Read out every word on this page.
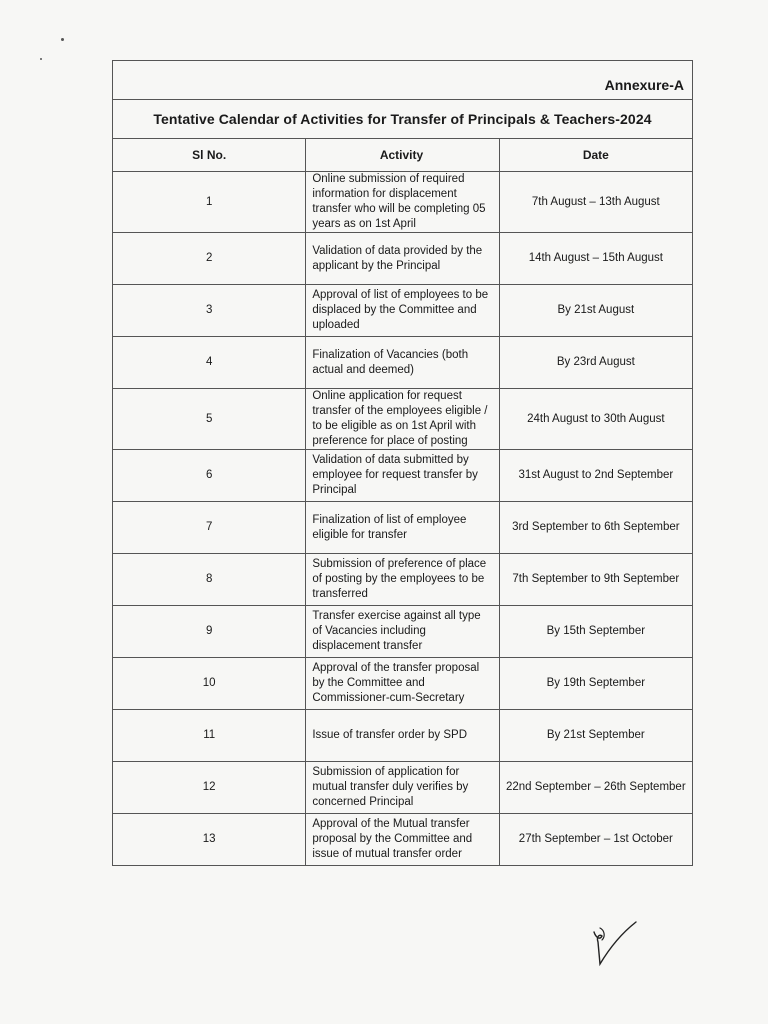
Annexure-A		
Tentative Calendar of Activities for Transfer of Principals & Teachers-2024		
Sl No.	Activity	Date
1	Online submission of required information for displacement transfer who will be completing 05 years as on 1st April	7th August – 13th August
2	Validation of data provided by the applicant by the Principal	14th August – 15th August
3	Approval of list of employees to be displaced by the Committee and uploaded	By 21st August
4	Finalization of Vacancies (both actual and deemed)	By 23rd August
5	Online application for request transfer of the employees eligible / to be eligible as on 1st April with preference for place of posting	24th August to 30th August
6	Validation of data submitted by employee for request transfer by Principal	31st August to 2nd September
7	Finalization of list of employee eligible for transfer	3rd September to 6th September
8	Submission of preference of place of posting by the employees to be transferred	7th September to 9th September
9	Transfer exercise against all type of Vacancies including displacement transfer	By 15th September
10	Approval of the transfer proposal by the Committee and Commissioner-cum-Secretary	By 19th September
11	Issue of transfer order by SPD	By 21st September
12	Submission of application for mutual transfer duly verifies by concerned Principal	22nd September – 26th September
13	Approval of the Mutual transfer proposal by the Committee and issue of mutual transfer order	27th September – 1st October
